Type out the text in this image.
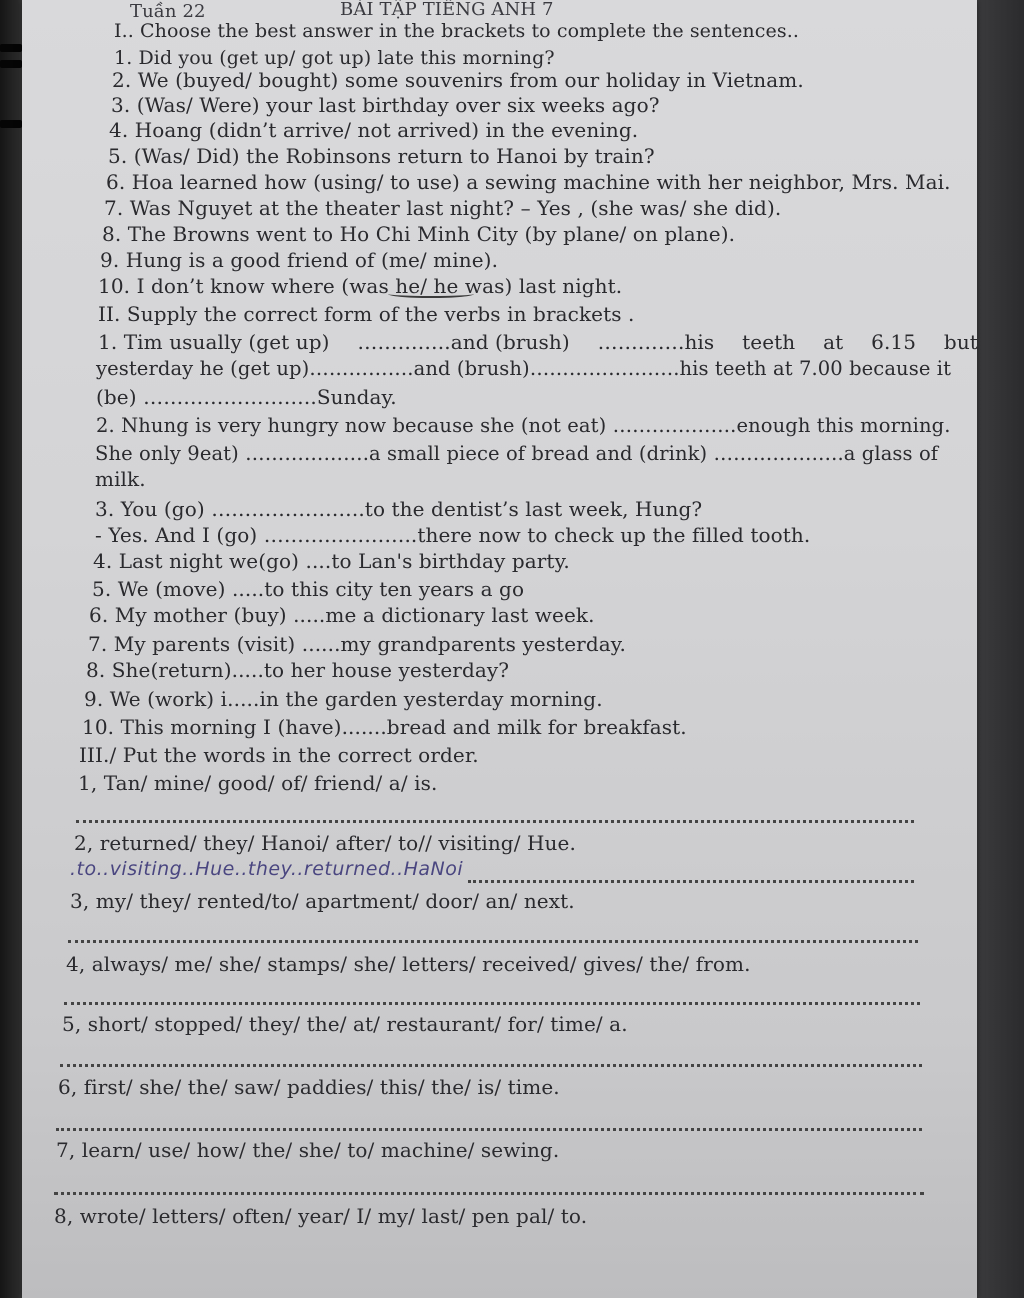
Tuần 22	BÀI TẬP TIẾNG ANH 7
I.. Choose the best answer in the brackets to complete the sentences..
1. Did you (get up/ got up) late this morning?
2. We (buyed/ bought) some souvenirs from our holiday in Vietnam.
3. (Was/ Were) your last birthday over six weeks ago?
4. Hoang (didn’t arrive/ not arrived) in the evening.
5. (Was/ Did) the Robinsons return to Hanoi by train?
6. Hoa learned how (using/ to use) a sewing machine with her neighbor, Mrs. Mai.
7. Was Nguyet at the theater last night? – Yes , (she was/ she did).
8. The Browns went to Ho Chi Minh City (by plane/ on plane).
9. Hung is a good friend of (me/ mine).
10. I don’t know where (was he/ he was) last night.
II. Supply the correct form of the verbs in brackets .
1. Tim usually (get up) …………..and (brush) ………….his teeth at 6.15 but
yesterday he (get up)…………….and (brush)…………………..his teeth at 7.00 because it
(be) ……………………..Sunday.
2. Nhung is very hungry now because she (not eat) ……………….enough this morning.
She only 9eat) ……………….a small piece of bread and (drink) ………………..a glass of
milk.
3. You (go) …………………..to the dentist’s last week, Hung?
- Yes. And I (go) …………………..there now to check up the filled tooth.
4. Last night we(go) ....to Lan's birthday party.
5. We (move) .....to this city ten years a go
6. My mother (buy) .....me a dictionary last week.
7. My parents (visit) ......my grandparents yesterday.
8. She(return).....to her house yesterday?
9. We (work) i.....in the garden yesterday morning.
10. This morning I (have).......bread and milk for breakfast.
III./ Put the words in the correct order.
1, Tan/ mine/ good/ of/ friend/ a/ is.
2, returned/ they/ Hanoi/ after/ to// visiting/ Hue.
.to..visiting..Hue..they..returned..HaNoi
3, my/ they/ rented/to/ apartment/ door/ an/ next.
4, always/ me/ she/ stamps/ she/ letters/ received/ gives/ the/ from.
5, short/ stopped/ they/ the/ at/ restaurant/ for/ time/ a.
6, first/ she/ the/ saw/ paddies/ this/ the/ is/ time.
7, learn/ use/ how/ the/ she/ to/ machine/ sewing.
8, wrote/ letters/ often/ year/ I/ my/ last/ pen pal/ to.
